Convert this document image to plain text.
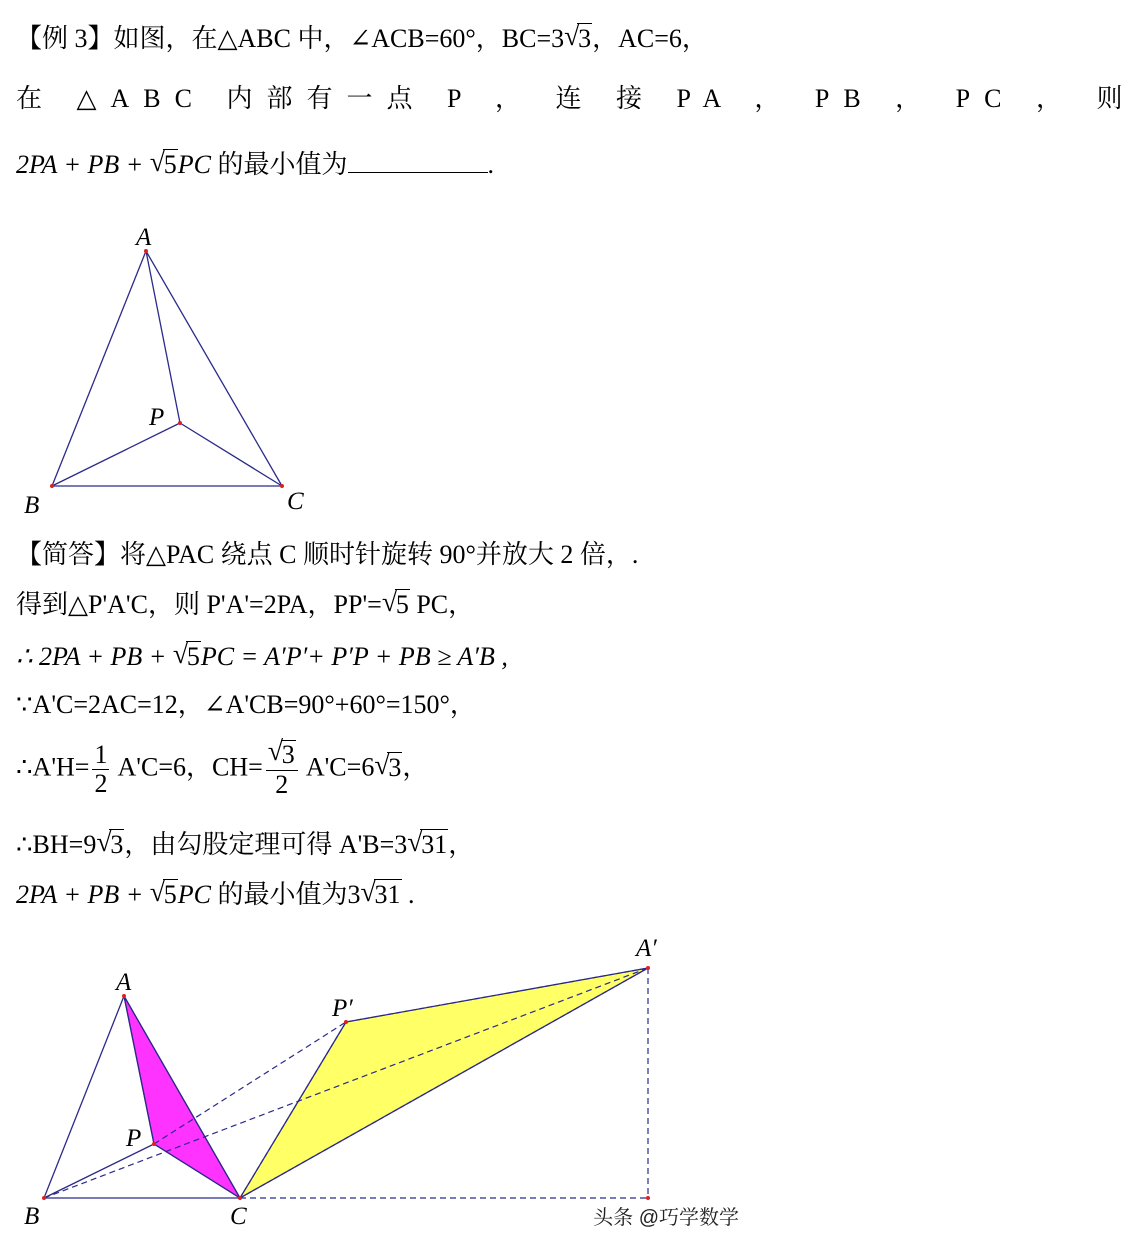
【例 3】如图，在△ABC 中，∠ACB=60°，BC=3√ 3，AC=6，
在 △ABC 内部有一点 P ， 连 接 PA ， PB ， PC ， 则
2PA + PB + √ 5PC 的最小值为	.
A
B	C
P
【简答】将△PAC 绕点 C 顺时针旋转 90°并放大 2 倍，.
得到△P'A'C，则 P'A'=2PA，PP'=√ 5 PC，
∴ 2PA + PB + √ 5PC = A′P′+ P′P + PB ≥ A′B ,
∵A'C=2AC=12，∠A'CB=90°+60°=150°，
∴A'H= $\frac{1}{2} A'C=6$，CH=
√ $\frac{3}{2} A'C=6√$ 3，
∴BH=9√ 3，由勾股定理可得 A'B=3√ 31，
2PA + PB + √ 5PC 的最小值为3√ 31 .
A
B	C
P
P′
A′
头条 @巧学数学
